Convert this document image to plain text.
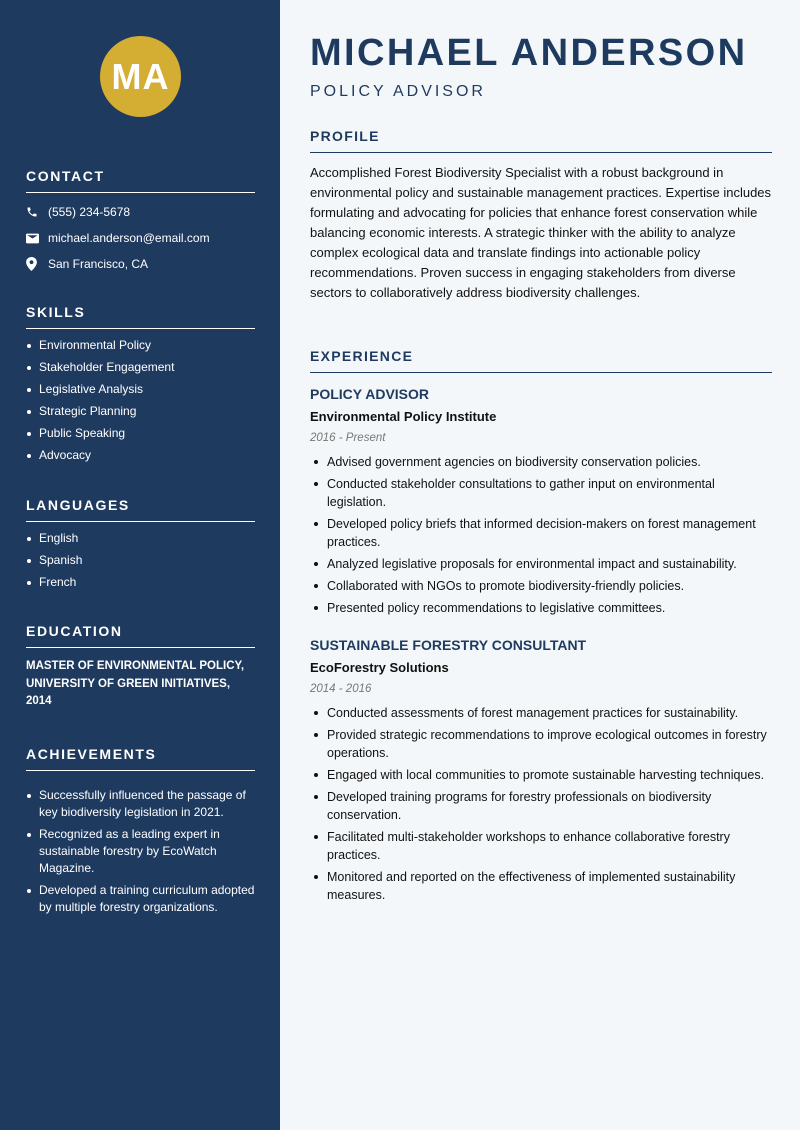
MA
CONTACT
(555) 234-5678
michael.anderson@email.com
San Francisco, CA
SKILLS
Environmental Policy
Stakeholder Engagement
Legislative Analysis
Strategic Planning
Public Speaking
Advocacy
LANGUAGES
English
Spanish
French
EDUCATION

MASTER OF ENVIRONMENTAL POLICY, UNIVERSITY OF GREEN INITIATIVES, 2014

ACHIEVEMENTS
Successfully influenced the passage of key biodiversity legislation in 2021.
Recognized as a leading expert in sustainable forestry by EcoWatch Magazine.
Developed a training curriculum adopted by multiple forestry organizations.
MICHAEL ANDERSON
POLICY ADVISOR
PROFILE

Accomplished Forest Biodiversity Specialist with a robust background in environmental policy and sustainable management practices. Expertise includes formulating and advocating for policies that enhance forest conservation while balancing economic interests. A strategic thinker with the ability to analyze complex ecological data and translate findings into actionable policy recommendations. Proven success in engaging stakeholders from diverse sectors to collaboratively address biodiversity challenges.

EXPERIENCE
POLICY ADVISOR
Environmental Policy Institute
2016 - Present
Advised government agencies on biodiversity conservation policies.
Conducted stakeholder consultations to gather input on environmental legislation.
Developed policy briefs that informed decision-makers on forest management practices.
Analyzed legislative proposals for environmental impact and sustainability.
Collaborated with NGOs to promote biodiversity-friendly policies.
Presented policy recommendations to legislative committees.
SUSTAINABLE FORESTRY CONSULTANT
EcoForestry Solutions
2014 - 2016
Conducted assessments of forest management practices for sustainability.
Provided strategic recommendations to improve ecological outcomes in forestry operations.
Engaged with local communities to promote sustainable harvesting techniques.
Developed training programs for forestry professionals on biodiversity conservation.
Facilitated multi-stakeholder workshops to enhance collaborative forestry practices.
Monitored and reported on the effectiveness of implemented sustainability measures.
